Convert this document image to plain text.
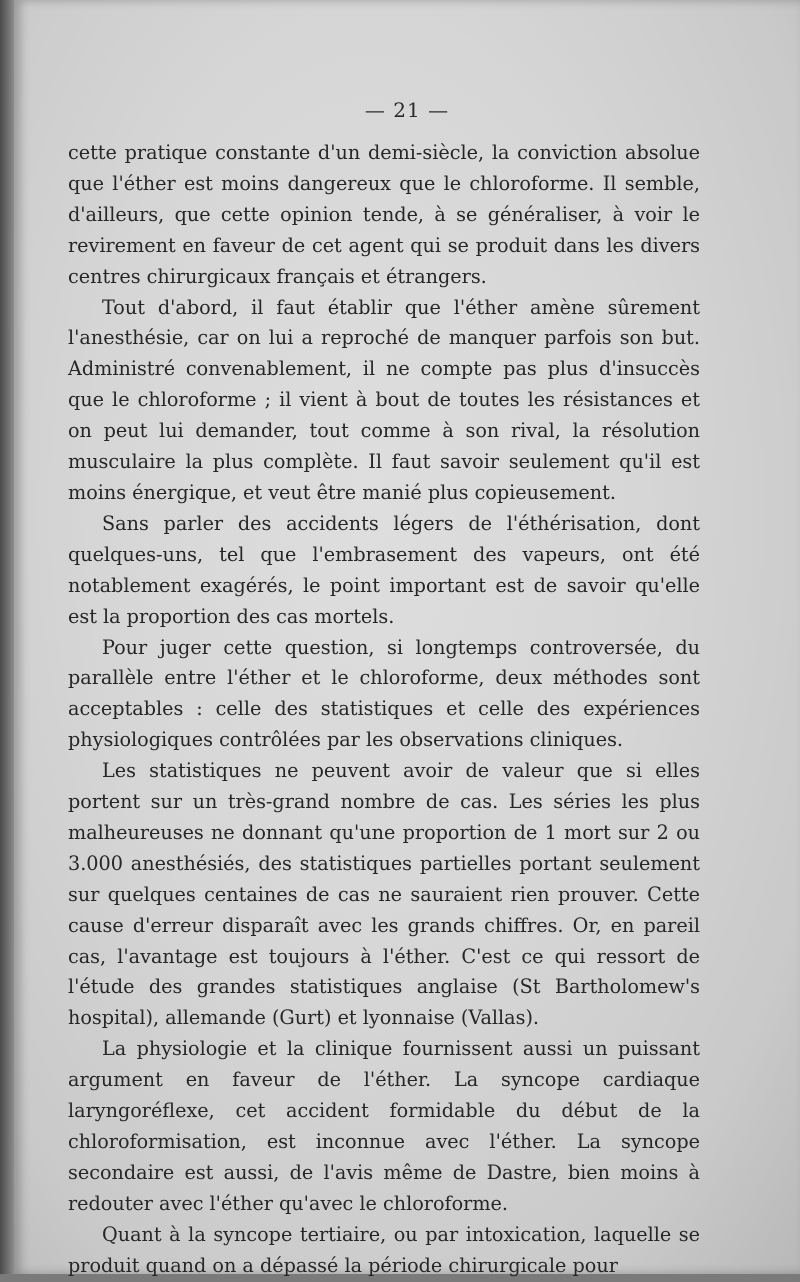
— 21 —

cette pratique constante d'un demi-siècle, la conviction absolue que l'éther est moins dangereux que le chloroforme. Il semble, d'ailleurs, que cette opinion tende, à se généraliser, à voir le revirement en faveur de cet agent qui se produit dans les divers centres chirurgicaux français et étrangers.

Tout d'abord, il faut établir que l'éther amène sûrement l'anesthésie, car on lui a reproché de manquer parfois son but. Administré convenablement, il ne compte pas plus d'insuccès que le chloroforme ; il vient à bout de toutes les résistances et on peut lui demander, tout comme à son rival, la résolution musculaire la plus complète. Il faut savoir seulement qu'il est moins énergique, et veut être manié plus copieusement.

Sans parler des accidents légers de l'éthérisation, dont quelques-uns, tel que l'embrasement des vapeurs, ont été notablement exagérés, le point important est de savoir qu'elle est la proportion des cas mortels.

Pour juger cette question, si longtemps controversée, du parallèle entre l'éther et le chloroforme, deux méthodes sont acceptables : celle des statistiques et celle des expériences physiologiques contrôlées par les observations cliniques.

Les statistiques ne peuvent avoir de valeur que si elles portent sur un très-grand nombre de cas. Les séries les plus malheureuses ne donnant qu'une proportion de 1 mort sur 2 ou 3.000 anesthésiés, des statistiques partielles portant seulement sur quelques centaines de cas ne sauraient rien prouver. Cette cause d'erreur disparaît avec les grands chiffres. Or, en pareil cas, l'avantage est toujours à l'éther. C'est ce qui ressort de l'étude des grandes statistiques anglaise (St Bartholomew's hospital), allemande (Gurt) et lyonnaise (Vallas).

La physiologie et la clinique fournissent aussi un puissant argument en faveur de l'éther. La syncope cardiaque laryngoréflexe, cet accident formidable du début de la chloroformisation, est inconnue avec l'éther. La syncope secondaire est aussi, de l'avis même de Dastre, bien moins à redouter avec l'éther qu'avec le chloroforme.

Quant à la syncope tertiaire, ou par intoxication, laquelle se produit quand on a dépassé la période chirurgicale pour
